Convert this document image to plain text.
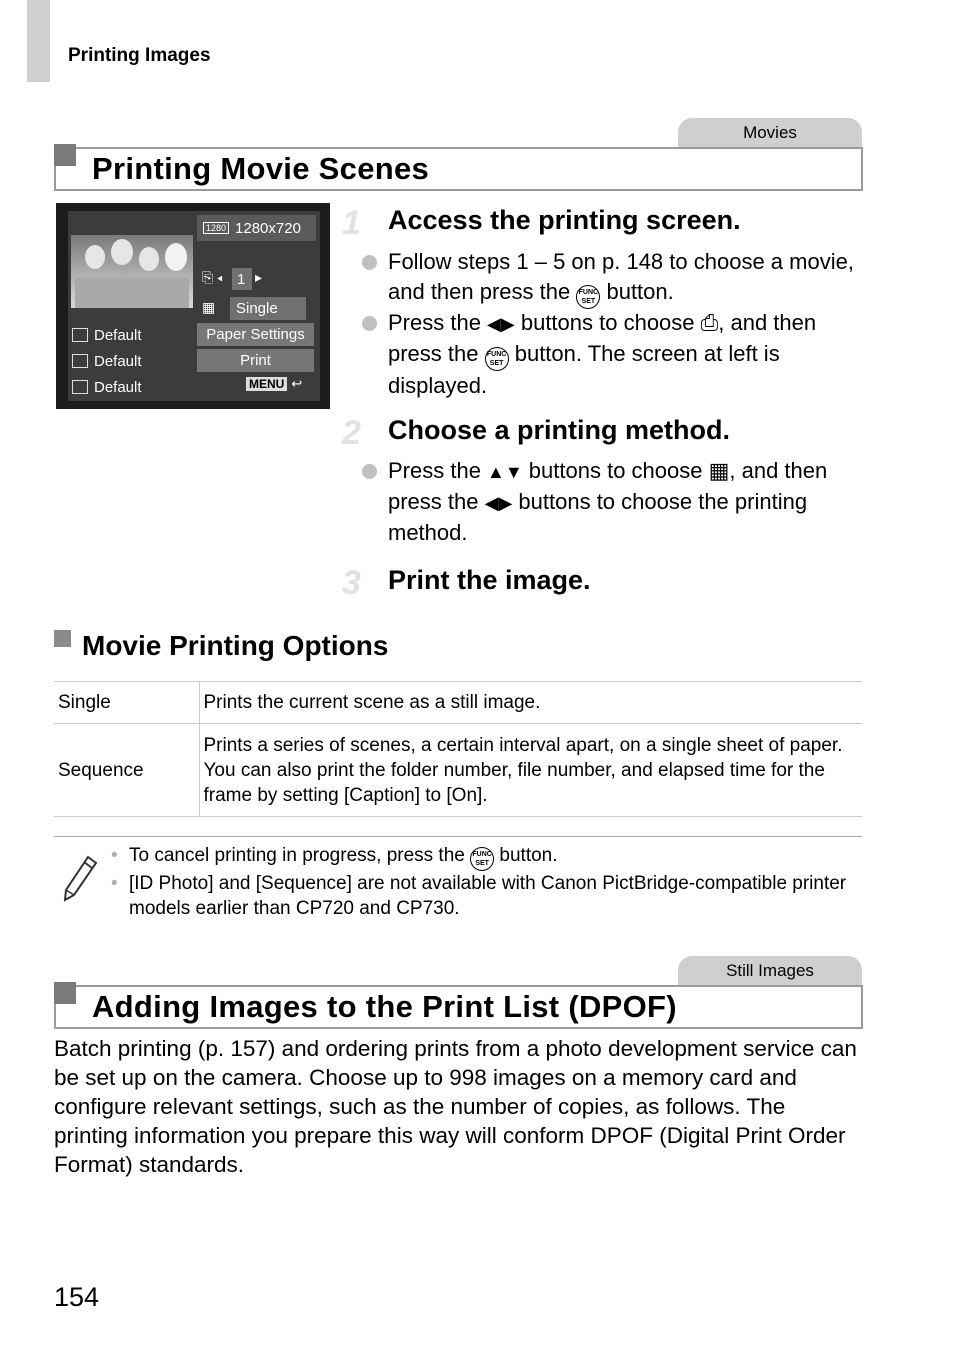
Printing Images
Movies
Printing Movie Scenes
1280 1280x720
⎘ ◂ 1 ▸
▦	Single
Default
Default
Default
Paper Settings
Print
MENU ↩
1 Access the printing screen.
Follow steps 1 – 5 on p. 148 to choose a movie, and then press the FUNC
SET button.
Press the ◀▶ buttons to choose ⎙, and then press the FUNC
SET button. The screen at left is displayed.
2 Choose a printing method.
Press the ▲▼ buttons to choose ▦, and then press the ◀▶ buttons to choose the printing method.
3 Print the image.
Movie Printing Options
Single	Prints the current scene as a still image.
Sequence	Prints a series of scenes, a certain interval apart, on a single sheet of paper. You can also print the folder number, file number, and elapsed time for the frame by setting [Caption] to [On].
• To cancel printing in progress, press the FUNC
SET button.
• [ID Photo] and [Sequence] are not available with Canon PictBridge-compatible printer models earlier than CP720 and CP730.
Still Images
Adding Images to the Print List (DPOF)

Batch printing (p. 157) and ordering prints from a photo development service can be set up on the camera. Choose up to 998 images on a memory card and configure relevant settings, such as the number of copies, as follows. The printing information you prepare this way will conform DPOF (Digital Print Order Format) standards.

154
